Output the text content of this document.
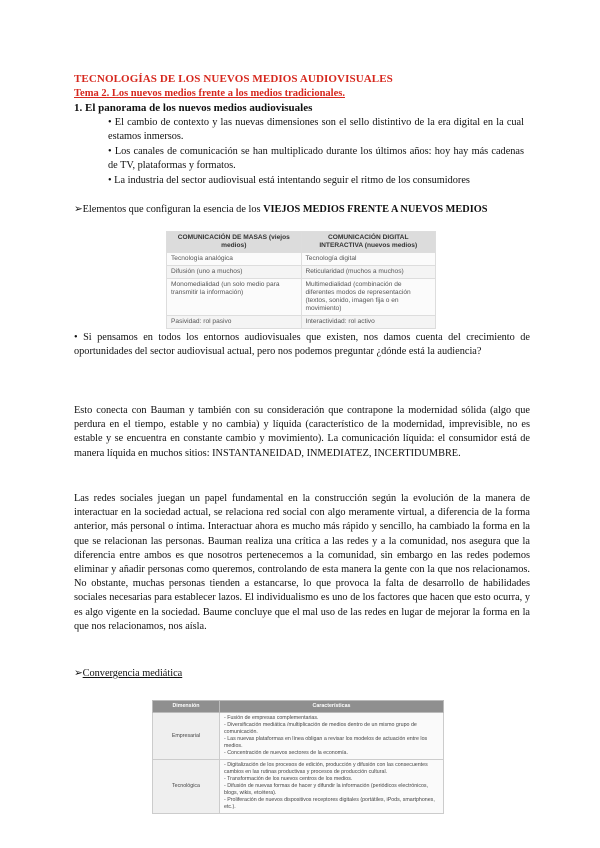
TECNOLOGÍAS DE LOS NUEVOS MEDIOS AUDIOVISUALES
Tema 2. Los nuevos medios frente a los medios tradicionales.
1. El panorama de los nuevos medios audiovisuales
• El cambio de contexto y las nuevas dimensiones son el sello distintivo de la era digital en la cual estamos inmersos.
• Los canales de comunicación se han multiplicado durante los últimos años: hoy hay más cadenas de TV, plataformas y formatos.
• La industria del sector audiovisual está intentando seguir el ritmo de los consumidores
➢Elementos que configuran la esencia de los VIEJOS MEDIOS FRENTE A NUEVOS MEDIOS
COMUNICACIÓN DE MASAS (viejos medios)	COMUNICACIÓN DIGITAL INTERACTIVA (nuevos medios)
Tecnología analógica	Tecnología digital
Difusión (uno a muchos)	Reticularidad (muchos a muchos)
Monomedialidad (un solo medio para transmitir la información)	Multimedialidad (combinación de diferentes modos de representación (textos, sonido, imagen fija o en movimiento)
Pasividad: rol pasivo	Interactividad: rol activo
• Si pensamos en todos los entornos audiovisuales que existen, nos damos cuenta del crecimiento de oportunidades del sector audiovisual actual, pero nos podemos preguntar ¿dónde está la audiencia?
Esto conecta con Bauman y también con su consideración que contrapone la modernidad sólida (algo que perdura en el tiempo, estable y no cambia) y líquida (característico de la modernidad, imprevisible, no es estable y se encuentra en constante cambio y movimiento). La comunicación líquida: el consumidor está de manera líquida en muchos sitios: INSTANTANEIDAD, INMEDIATEZ, INCERTIDUMBRE.
Las redes sociales juegan un papel fundamental en la construcción según la evolución de la manera de interactuar en la sociedad actual, se relaciona red social con algo meramente virtual, a diferencia de la forma anterior, más personal o íntima. Interactuar ahora es mucho más rápido y sencillo, ha cambiado la forma en la que se relacionan las personas. Bauman realiza una crítica a las redes y a la comunidad, nos asegura que la diferencia entre ambos es que nosotros pertenecemos a la comunidad, sin embargo en las redes podemos eliminar y añadir personas como queremos, controlando de esta manera la gente con la que nos relacionamos. No obstante, muchas personas tienden a estancarse, lo que provoca la falta de desarrollo de habilidades sociales necesarias para establecer lazos. El individualismo es uno de los factores que hacen que esto ocurra, y es algo vigente en la sociedad. Baume concluye que el mal uso de las redes en lugar de mejorar la forma en la que nos relacionamos, nos aísla.
➢Convergencia mediática
Dimensión	Características
Empresarial	- Fusión de empresas complementarias.
- Diversificación mediática /multiplicación de medios dentro de un mismo grupo de comunicación.
- Las nuevas plataformas en línea obligan a revisar los modelos de actuación entre los medios.
- Concentración de nuevos sectores de la economía.

Tecnológica	- Digitalización de los procesos de edición, producción y difusión con las consecuentes cambios en las rutinas productivas y procesos de producción cultural.
- Transformación de los nuevos centros de los medios.
- Difusión de nuevas formas de hacer y difundir la información (periódicos electrónicos, blogs, wikis, etcétera).
- Proliferación de nuevos dispositivos receptores digitales (portátiles, iPods, smartphones, etc.).
